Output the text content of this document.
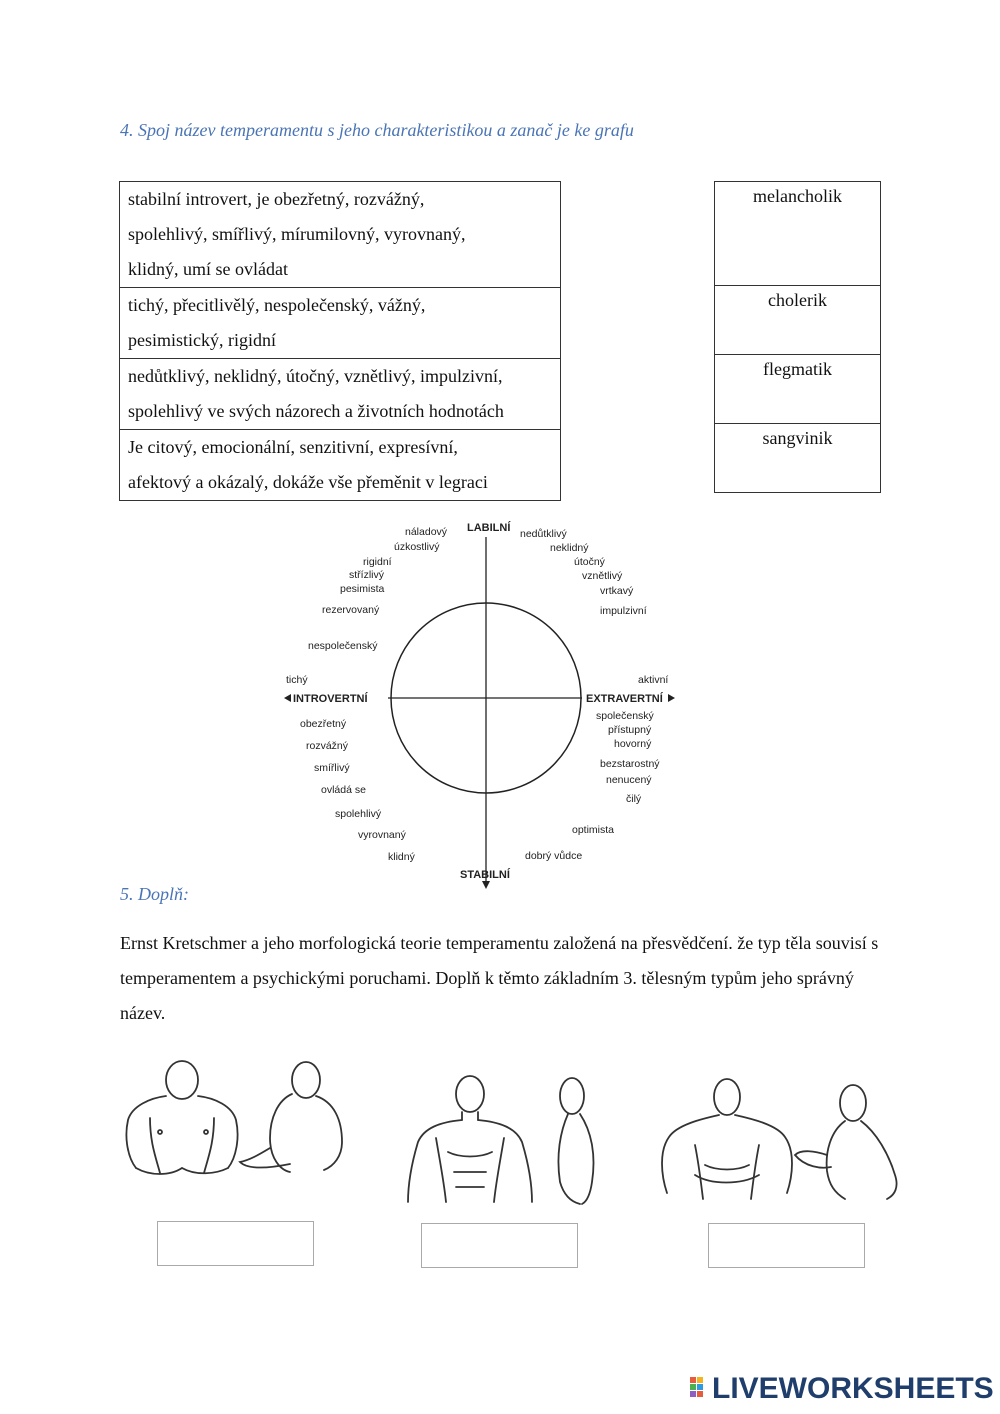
4. Spoj název temperamentu s jeho charakteristikou a zanač je ke grafu
stabilní introvert, je obezřetný, rozvážný,
spolehlivý, smířlivý, mírumilovný, vyrovnaný,
klidný, umí se ovládat

tichý, přecitlivělý, nespolečenský, vážný,
pesimistický, rigidní

nedůtklivý, neklidný, útočný, vznětlivý, impulzivní,
spolehlivý ve svých názorech a životních hodnotách

Je citový, emocionální, senzitivní, expresívní,
afektový a okázalý, dokáže vše přeměnit v legraci
melancholik
cholerik
flegmatik
sangvinik
LABILNÍ
STABILNÍ
INTROVERTNÍ	EXTRAVERTNÍ
náladový
úzkostlivý
rigidní
střízlivý
pesimista
rezervovaný
nespolečenský
tichý
nedůtklivý
neklidný
útočný
vznětlivý
vrtkavý
impulzivní
aktivní
obezřetný
rozvážný
smířlivý
ovládá se
spolehlivý
vyrovnaný
klidný
společenský
přístupný
hovorný
bezstarostný
nenucený
čilý
optimista
dobrý vůdce
5. Doplň:

Ernst Kretschmer a jeho morfologická teorie temperamentu založená na přesvědčení. že typ těla souvisí s temperamentem a psychickými poruchami. Doplň k těmto základním 3. tělesným typům jeho správný název.

LIVEWORKSHEETS
